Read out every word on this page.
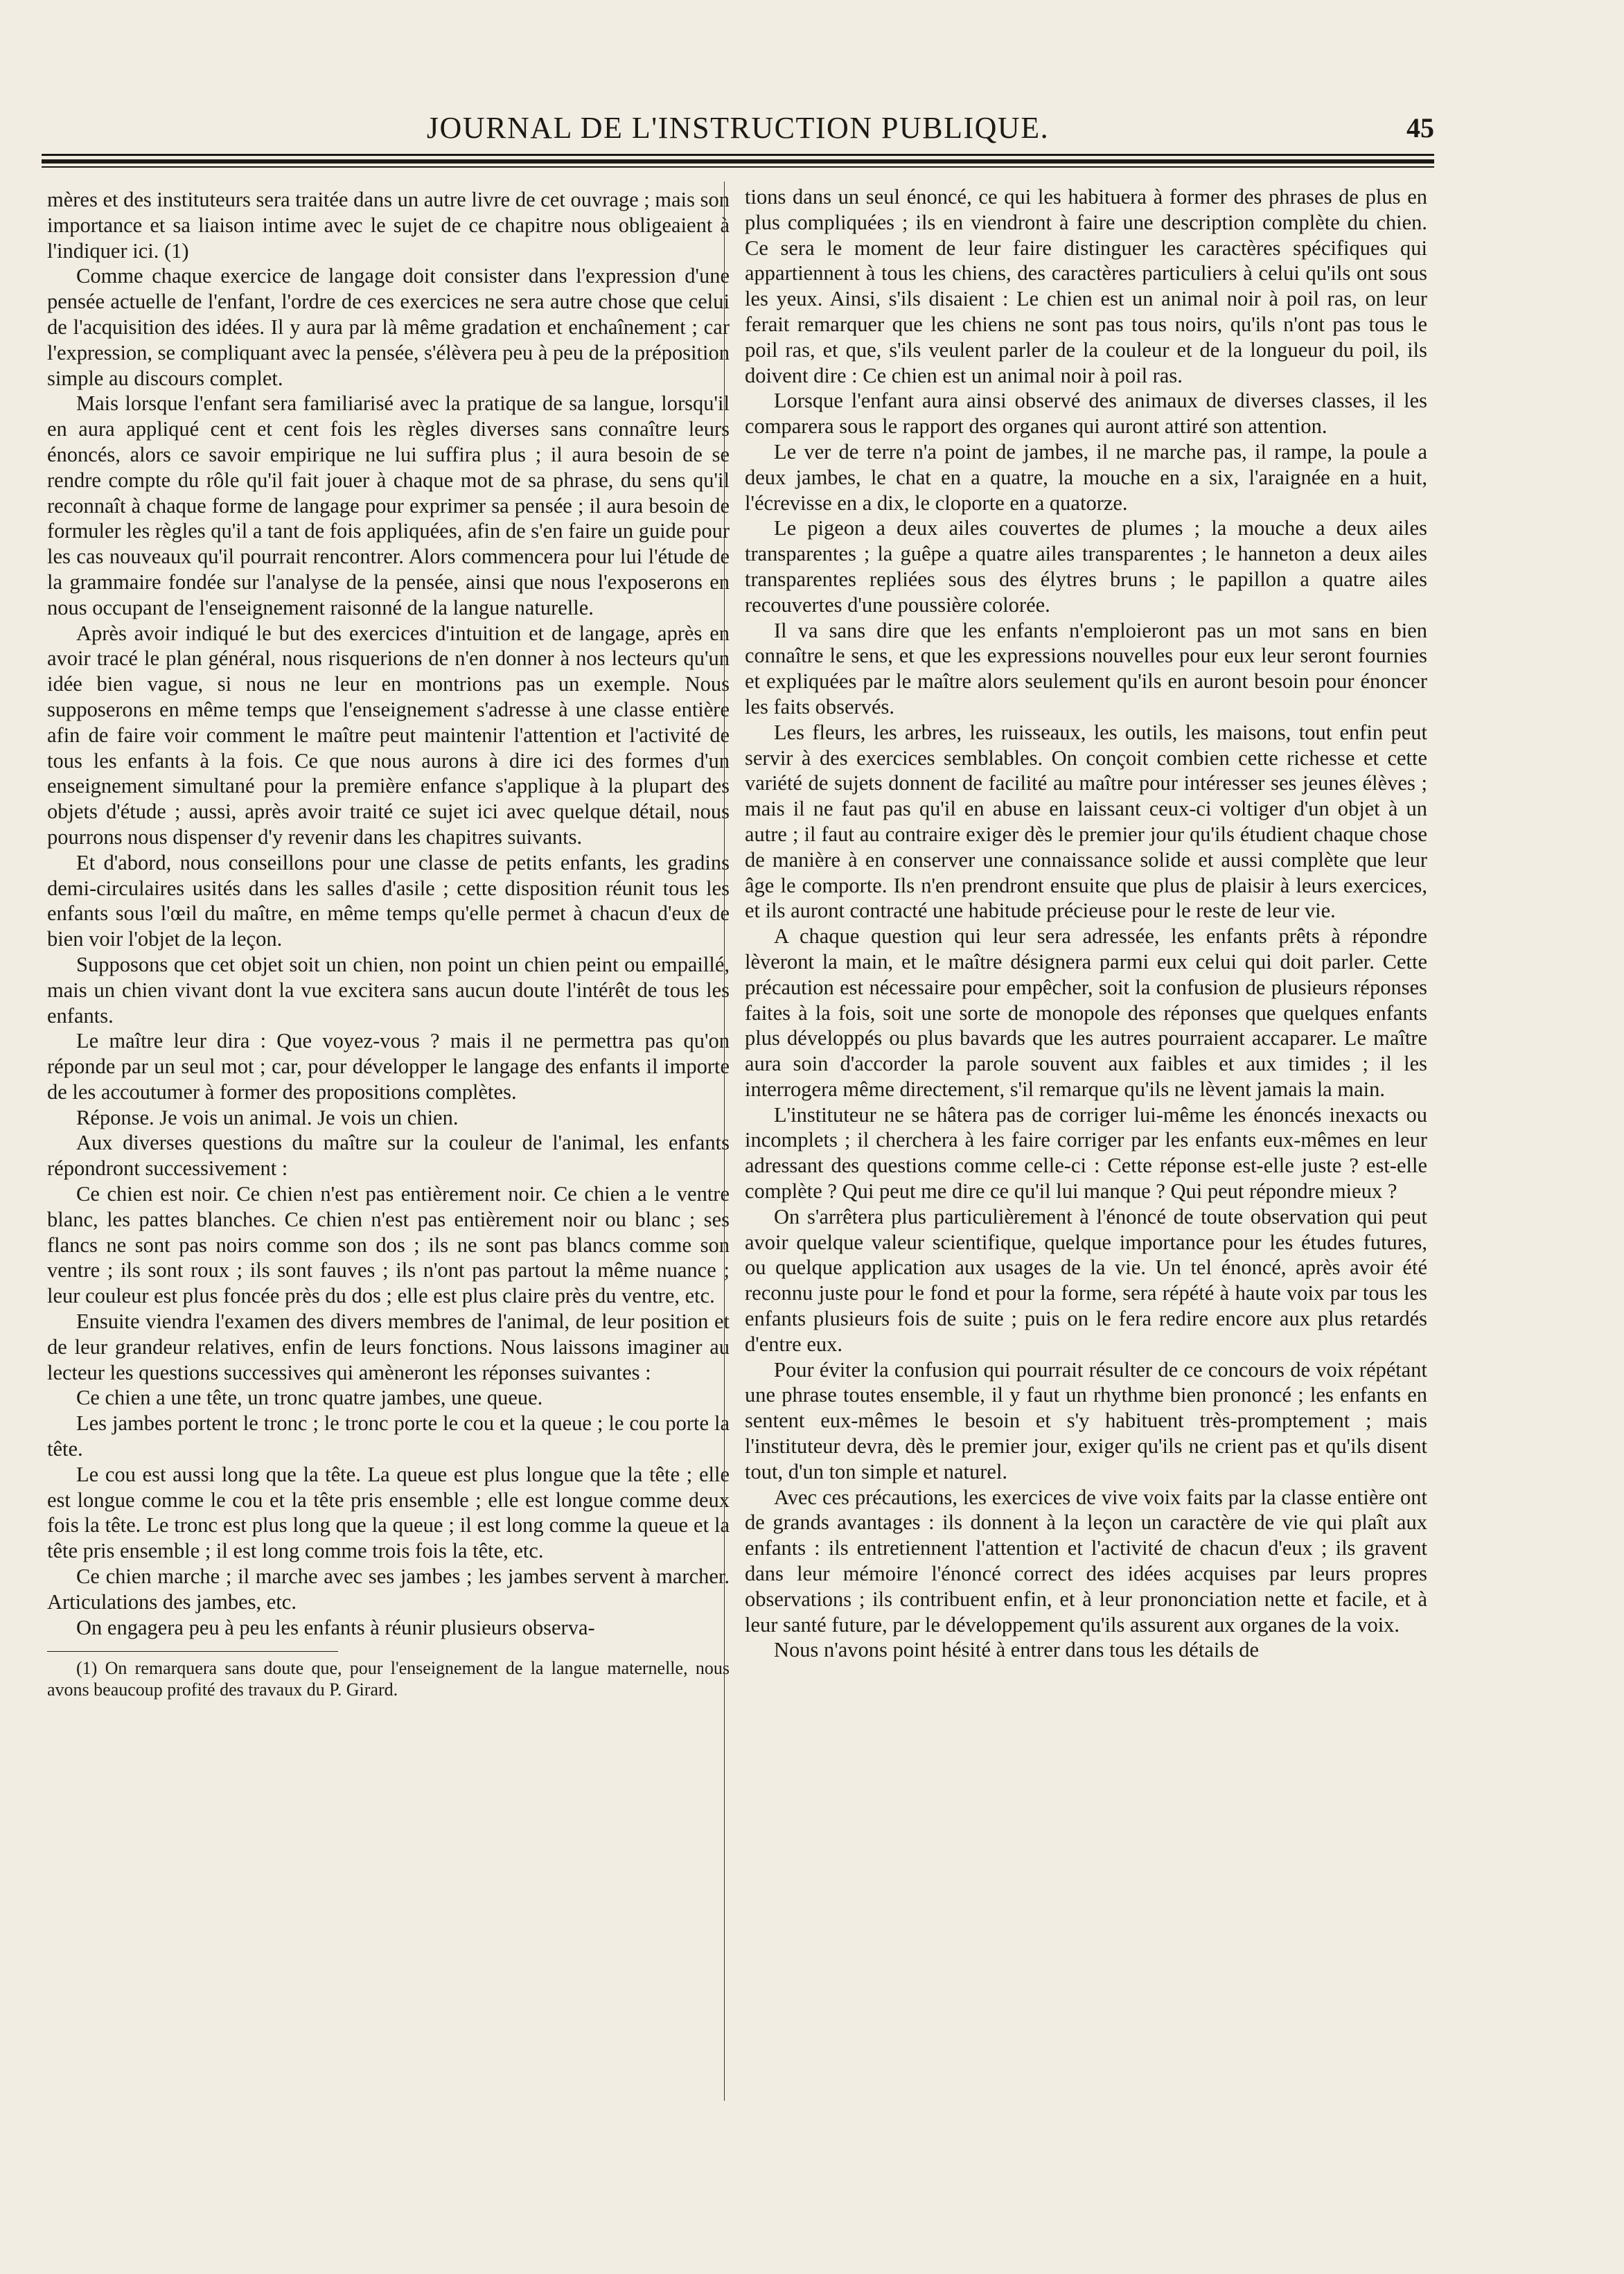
JOURNAL DE L'INSTRUCTION PUBLIQUE.	45

mères et des instituteurs sera traitée dans un autre livre de cet ouvrage ; mais son importance et sa liaison intime avec le sujet de ce chapitre nous obligeaient à l'indiquer ici. (1)

Comme chaque exercice de langage doit consister dans l'expression d'une pensée actuelle de l'enfant, l'ordre de ces exercices ne sera autre chose que celui de l'acquisition des idées. Il y aura par là même gradation et enchaînement ; car l'expression, se compliquant avec la pensée, s'élèvera peu à peu de la préposition simple au discours complet.

Mais lorsque l'enfant sera familiarisé avec la pratique de sa langue, lorsqu'il en aura appliqué cent et cent fois les règles diverses sans connaître leurs énoncés, alors ce savoir empirique ne lui suffira plus ; il aura besoin de se rendre compte du rôle qu'il fait jouer à chaque mot de sa phrase, du sens qu'il reconnaît à chaque forme de langage pour exprimer sa pensée ; il aura besoin de formuler les règles qu'il a tant de fois appliquées, afin de s'en faire un guide pour les cas nouveaux qu'il pourrait rencontrer. Alors commencera pour lui l'étude de la grammaire fondée sur l'analyse de la pensée, ainsi que nous l'exposerons en nous occupant de l'enseignement raisonné de la langue naturelle.

Après avoir indiqué le but des exercices d'intuition et de langage, après en avoir tracé le plan général, nous risquerions de n'en donner à nos lecteurs qu'un idée bien vague, si nous ne leur en montrions pas un exemple. Nous supposerons en même temps que l'enseignement s'adresse à une classe entière afin de faire voir comment le maître peut maintenir l'attention et l'activité de tous les enfants à la fois. Ce que nous aurons à dire ici des formes d'un enseignement simultané pour la première enfance s'applique à la plupart des objets d'étude ; aussi, après avoir traité ce sujet ici avec quelque détail, nous pourrons nous dispenser d'y revenir dans les chapitres suivants.

Et d'abord, nous conseillons pour une classe de petits enfants, les gradins demi-circulaires usités dans les salles d'asile ; cette disposition réunit tous les enfants sous l'œil du maître, en même temps qu'elle permet à chacun d'eux de bien voir l'objet de la leçon.

Supposons que cet objet soit un chien, non point un chien peint ou empaillé, mais un chien vivant dont la vue excitera sans aucun doute l'intérêt de tous les enfants.

Le maître leur dira : Que voyez-vous ? mais il ne permettra pas qu'on réponde par un seul mot ; car, pour développer le langage des enfants il importe de les accoutumer à former des propositions complètes.

Réponse. Je vois un animal. Je vois un chien.

Aux diverses questions du maître sur la couleur de l'animal, les enfants répondront successivement :

Ce chien est noir. Ce chien n'est pas entièrement noir. Ce chien a le ventre blanc, les pattes blanches. Ce chien n'est pas entièrement noir ou blanc ; ses flancs ne sont pas noirs comme son dos ; ils ne sont pas blancs comme son ventre ; ils sont roux ; ils sont fauves ; ils n'ont pas partout la même nuance ; leur couleur est plus foncée près du dos ; elle est plus claire près du ventre, etc.

Ensuite viendra l'examen des divers membres de l'animal, de leur position et de leur grandeur relatives, enfin de leurs fonctions. Nous laissons imaginer au lecteur les questions successives qui amèneront les réponses suivantes :

Ce chien a une tête, un tronc quatre jambes, une queue.

Les jambes portent le tronc ; le tronc porte le cou et la queue ; le cou porte la tête.

Le cou est aussi long que la tête. La queue est plus longue que la tête ; elle est longue comme le cou et la tête pris ensemble ; elle est longue comme deux fois la tête. Le tronc est plus long que la queue ; il est long comme la queue et la tête pris ensemble ; il est long comme trois fois la tête, etc.

Ce chien marche ; il marche avec ses jambes ; les jambes servent à marcher. Articulations des jambes, etc.

On engagera peu à peu les enfants à réunir plusieurs observa-

(1) On remarquera sans doute que, pour l'enseignement de la langue maternelle, nous avons beaucoup profité des travaux du P. Girard.

tions dans un seul énoncé, ce qui les habituera à former des phrases de plus en plus compliquées ; ils en viendront à faire une description complète du chien. Ce sera le moment de leur faire distinguer les caractères spécifiques qui appartiennent à tous les chiens, des caractères particuliers à celui qu'ils ont sous les yeux. Ainsi, s'ils disaient : Le chien est un animal noir à poil ras, on leur ferait remarquer que les chiens ne sont pas tous noirs, qu'ils n'ont pas tous le poil ras, et que, s'ils veulent parler de la couleur et de la longueur du poil, ils doivent dire : Ce chien est un animal noir à poil ras.

Lorsque l'enfant aura ainsi observé des animaux de diverses classes, il les comparera sous le rapport des organes qui auront attiré son attention.

Le ver de terre n'a point de jambes, il ne marche pas, il rampe, la poule a deux jambes, le chat en a quatre, la mouche en a six, l'araignée en a huit, l'écrevisse en a dix, le cloporte en a quatorze.

Le pigeon a deux ailes couvertes de plumes ; la mouche a deux ailes transparentes ; la guêpe a quatre ailes transparentes ; le hanneton a deux ailes transparentes repliées sous des élytres bruns ; le papillon a quatre ailes recouvertes d'une poussière colorée.

Il va sans dire que les enfants n'emploieront pas un mot sans en bien connaître le sens, et que les expressions nouvelles pour eux leur seront fournies et expliquées par le maître alors seulement qu'ils en auront besoin pour énoncer les faits observés.

Les fleurs, les arbres, les ruisseaux, les outils, les maisons, tout enfin peut servir à des exercices semblables. On conçoit combien cette richesse et cette variété de sujets donnent de facilité au maître pour intéresser ses jeunes élèves ; mais il ne faut pas qu'il en abuse en laissant ceux-ci voltiger d'un objet à un autre ; il faut au contraire exiger dès le premier jour qu'ils étudient chaque chose de manière à en conserver une connaissance solide et aussi complète que leur âge le comporte. Ils n'en prendront ensuite que plus de plaisir à leurs exercices, et ils auront contracté une habitude précieuse pour le reste de leur vie.

A chaque question qui leur sera adressée, les enfants prêts à répondre lèveront la main, et le maître désignera parmi eux celui qui doit parler. Cette précaution est nécessaire pour empêcher, soit la confusion de plusieurs réponses faites à la fois, soit une sorte de monopole des réponses que quelques enfants plus développés ou plus bavards que les autres pourraient accaparer. Le maître aura soin d'accorder la parole souvent aux faibles et aux timides ; il les interrogera même directement, s'il remarque qu'ils ne lèvent jamais la main.

L'instituteur ne se hâtera pas de corriger lui-même les énoncés inexacts ou incomplets ; il cherchera à les faire corriger par les enfants eux-mêmes en leur adressant des questions comme celle-ci : Cette réponse est-elle juste ? est-elle complète ? Qui peut me dire ce qu'il lui manque ? Qui peut répondre mieux ?

On s'arrêtera plus particulièrement à l'énoncé de toute observation qui peut avoir quelque valeur scientifique, quelque importance pour les études futures, ou quelque application aux usages de la vie. Un tel énoncé, après avoir été reconnu juste pour le fond et pour la forme, sera répété à haute voix par tous les enfants plusieurs fois de suite ; puis on le fera redire encore aux plus retardés d'entre eux.

Pour éviter la confusion qui pourrait résulter de ce concours de voix répétant une phrase toutes ensemble, il y faut un rhythme bien prononcé ; les enfants en sentent eux-mêmes le besoin et s'y habituent très-promptement ; mais l'instituteur devra, dès le premier jour, exiger qu'ils ne crient pas et qu'ils disent tout, d'un ton simple et naturel.

Avec ces précautions, les exercices de vive voix faits par la classe entière ont de grands avantages : ils donnent à la leçon un caractère de vie qui plaît aux enfants : ils entretiennent l'attention et l'activité de chacun d'eux ; ils gravent dans leur mémoire l'énoncé correct des idées acquises par leurs propres observations ; ils contribuent enfin, et à leur prononciation nette et facile, et à leur santé future, par le développement qu'ils assurent aux organes de la voix.

Nous n'avons point hésité à entrer dans tous les détails de
